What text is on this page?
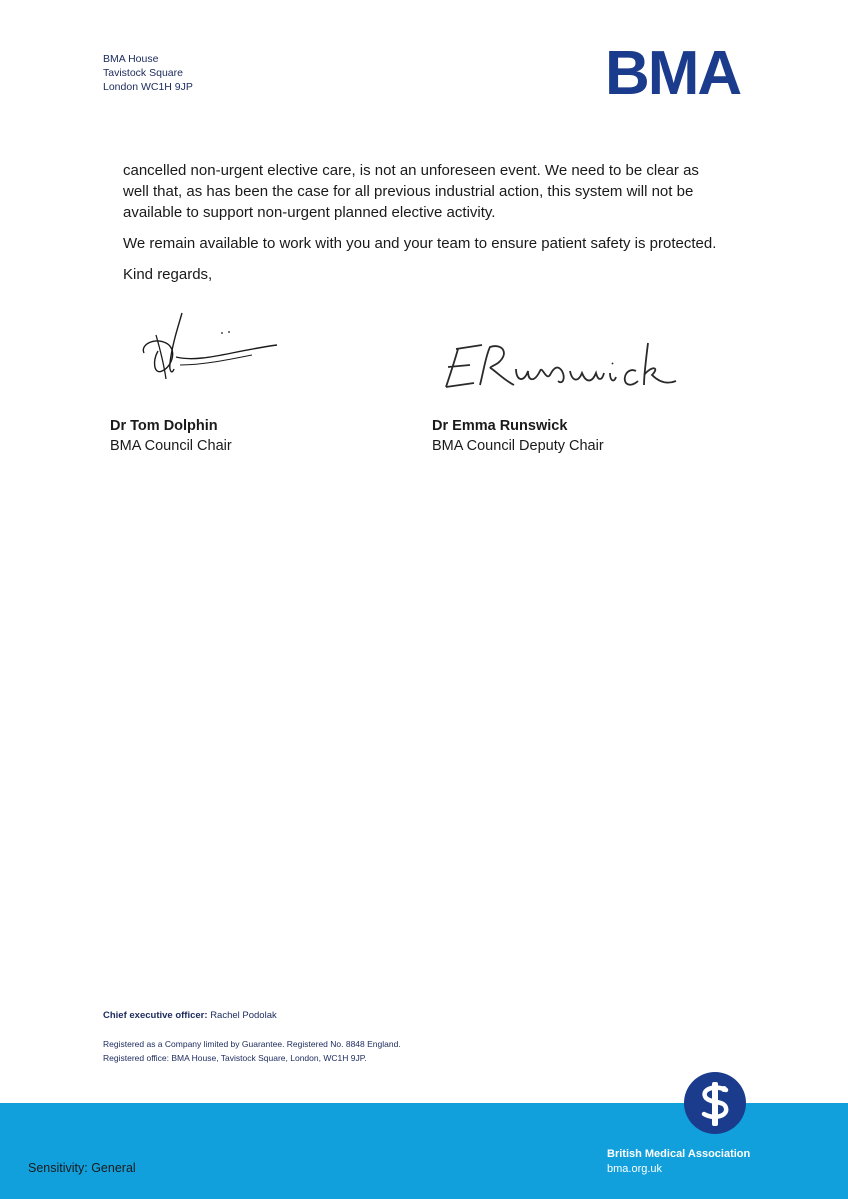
BMA House
Tavistock Square
London WC1H 9JP	BMA

cancelled non-urgent elective care, is not an unforeseen event. We need to be clear as well that, as has been the case for all previous industrial action, this system will not be available to support non-urgent planned elective activity.

We remain available to work with you and your team to ensure patient safety is protected.

Kind regards,

Dr Tom Dolphin
BMA Council Chair
Dr Emma Runswick
BMA Council Deputy Chair
Chief executive officer: Rachel Podolak
Registered as a Company limited by Guarantee. Registered No. 8848 England.
Registered office: BMA House, Tavistock Square, London, WC1H 9JP.
Sensitivity: General
British Medical Association
bma.org.uk
